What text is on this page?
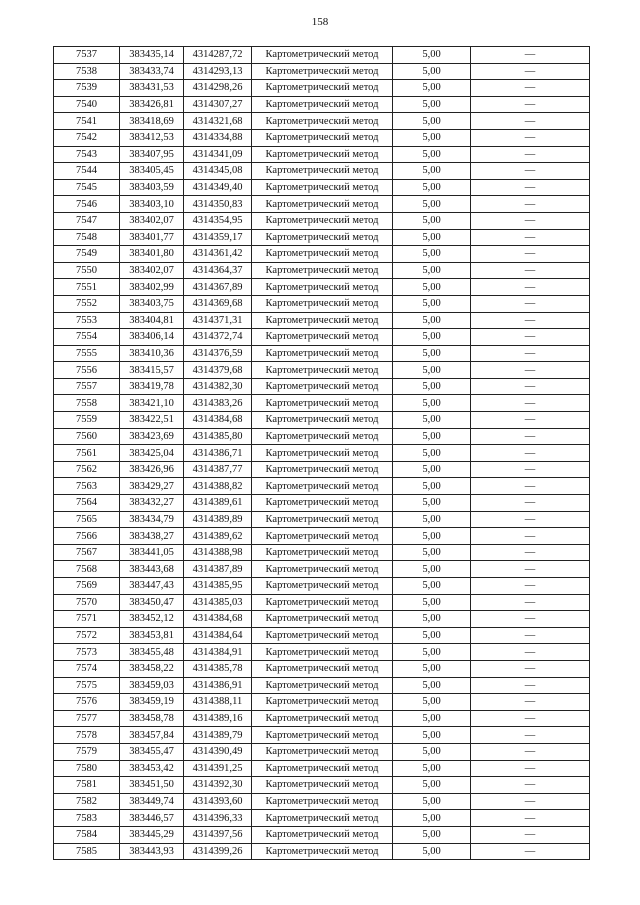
158
7537	383435,14	4314287,72	Картометрический метод	5,00	—
7538	383433,74	4314293,13	Картометрический метод	5,00	—
7539	383431,53	4314298,26	Картометрический метод	5,00	—
7540	383426,81	4314307,27	Картометрический метод	5,00	—
7541	383418,69	4314321,68	Картометрический метод	5,00	—
7542	383412,53	4314334,88	Картометрический метод	5,00	—
7543	383407,95	4314341,09	Картометрический метод	5,00	—
7544	383405,45	4314345,08	Картометрический метод	5,00	—
7545	383403,59	4314349,40	Картометрический метод	5,00	—
7546	383403,10	4314350,83	Картометрический метод	5,00	—
7547	383402,07	4314354,95	Картометрический метод	5,00	—
7548	383401,77	4314359,17	Картометрический метод	5,00	—
7549	383401,80	4314361,42	Картометрический метод	5,00	—
7550	383402,07	4314364,37	Картометрический метод	5,00	—
7551	383402,99	4314367,89	Картометрический метод	5,00	—
7552	383403,75	4314369,68	Картометрический метод	5,00	—
7553	383404,81	4314371,31	Картометрический метод	5,00	—
7554	383406,14	4314372,74	Картометрический метод	5,00	—
7555	383410,36	4314376,59	Картометрический метод	5,00	—
7556	383415,57	4314379,68	Картометрический метод	5,00	—
7557	383419,78	4314382,30	Картометрический метод	5,00	—
7558	383421,10	4314383,26	Картометрический метод	5,00	—
7559	383422,51	4314384,68	Картометрический метод	5,00	—
7560	383423,69	4314385,80	Картометрический метод	5,00	—
7561	383425,04	4314386,71	Картометрический метод	5,00	—
7562	383426,96	4314387,77	Картометрический метод	5,00	—
7563	383429,27	4314388,82	Картометрический метод	5,00	—
7564	383432,27	4314389,61	Картометрический метод	5,00	—
7565	383434,79	4314389,89	Картометрический метод	5,00	—
7566	383438,27	4314389,62	Картометрический метод	5,00	—
7567	383441,05	4314388,98	Картометрический метод	5,00	—
7568	383443,68	4314387,89	Картометрический метод	5,00	—
7569	383447,43	4314385,95	Картометрический метод	5,00	—
7570	383450,47	4314385,03	Картометрический метод	5,00	—
7571	383452,12	4314384,68	Картометрический метод	5,00	—
7572	383453,81	4314384,64	Картометрический метод	5,00	—
7573	383455,48	4314384,91	Картометрический метод	5,00	—
7574	383458,22	4314385,78	Картометрический метод	5,00	—
7575	383459,03	4314386,91	Картометрический метод	5,00	—
7576	383459,19	4314388,11	Картометрический метод	5,00	—
7577	383458,78	4314389,16	Картометрический метод	5,00	—
7578	383457,84	4314389,79	Картометрический метод	5,00	—
7579	383455,47	4314390,49	Картометрический метод	5,00	—
7580	383453,42	4314391,25	Картометрический метод	5,00	—
7581	383451,50	4314392,30	Картометрический метод	5,00	—
7582	383449,74	4314393,60	Картометрический метод	5,00	—
7583	383446,57	4314396,33	Картометрический метод	5,00	—
7584	383445,29	4314397,56	Картометрический метод	5,00	—
7585	383443,93	4314399,26	Картометрический метод	5,00	—
